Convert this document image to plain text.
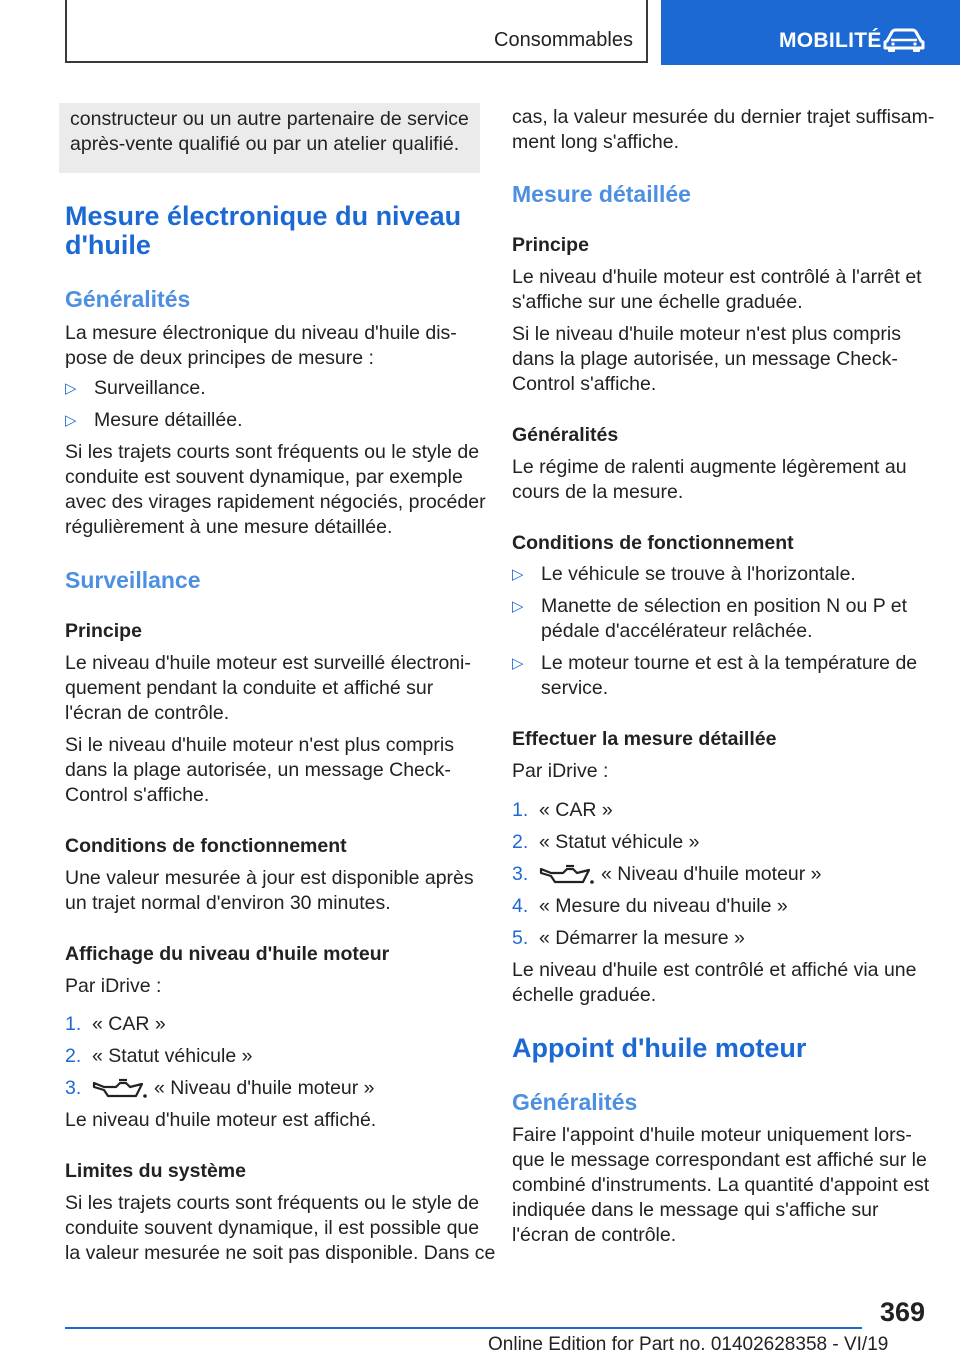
Consommables	MOBILITÉ

constructeur ou un autre partenaire de service
après-vente qualifié ou par un atelier qualifié.

Mesure électronique du niveau
d'huile
Généralités
La mesure électronique du niveau d'huile dis-
pose de deux principes de mesure :
▷ Surveillance.
▷ Mesure détaillée.
Si les trajets courts sont fréquents ou le style de
conduite est souvent dynamique, par exemple
avec des virages rapidement négociés, procéder
régulièrement à une mesure détaillée.
Surveillance
Principe
Le niveau d'huile moteur est surveillé électroni-
quement pendant la conduite et affiché sur
l'écran de contrôle.
Si le niveau d'huile moteur n'est plus compris
dans la plage autorisée, un message Check-
Control s'affiche.
Conditions de fonctionnement
Une valeur mesurée à jour est disponible après
un trajet normal d'environ 30 minutes.
Affichage du niveau d'huile moteur
Par iDrive :
1. « CAR »
2. « Statut véhicule »
3.	« Niveau d'huile moteur »
Le niveau d'huile moteur est affiché.
Limites du système
Si les trajets courts sont fréquents ou le style de
conduite souvent dynamique, il est possible que
la valeur mesurée ne soit pas disponible. Dans ce
cas, la valeur mesurée du dernier trajet suffisam-
ment long s'affiche.
Mesure détaillée
Principe
Le niveau d'huile moteur est contrôlé à l'arrêt et
s'affiche sur une échelle graduée.
Si le niveau d'huile moteur n'est plus compris
dans la plage autorisée, un message Check-
Control s'affiche.
Généralités
Le régime de ralenti augmente légèrement au
cours de la mesure.
Conditions de fonctionnement
▷ Le véhicule se trouve à l'horizontale.
▷ Manette de sélection en position N ou P et
pédale d'accélérateur relâchée.
▷ Le moteur tourne et est à la température de
service.
Effectuer la mesure détaillée
Par iDrive :
1. « CAR »
2. « Statut véhicule »
3.	« Niveau d'huile moteur »
4. « Mesure du niveau d'huile »
5. « Démarrer la mesure »
Le niveau d'huile est contrôlé et affiché via une
échelle graduée.
Appoint d'huile moteur
Généralités
Faire l'appoint d'huile moteur uniquement lors-
que le message correspondant est affiché sur le
combiné d'instruments. La quantité d'appoint est
indiquée dans le message qui s'affiche sur
l'écran de contrôle.
369
Online Edition for Part no. 01402628358 - VI/19
